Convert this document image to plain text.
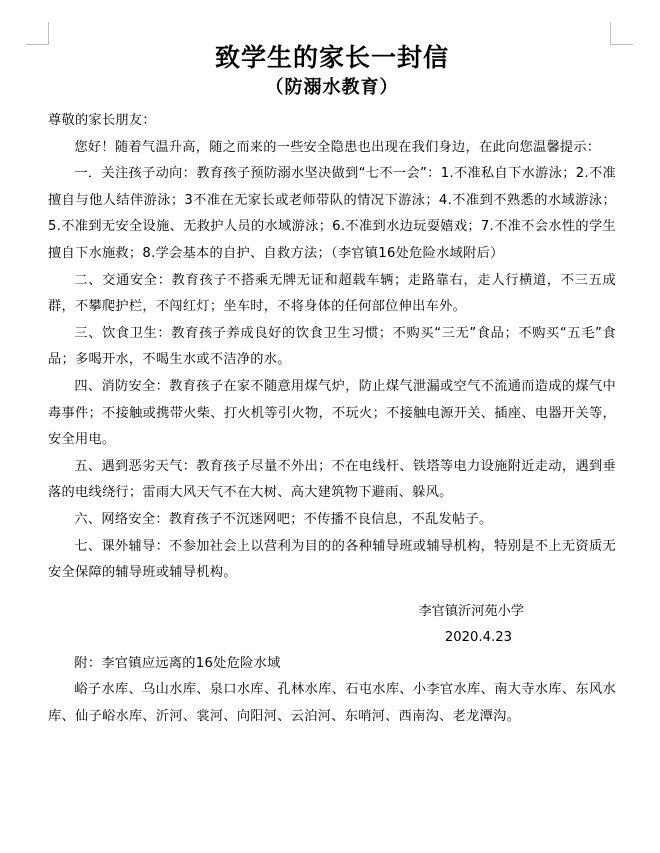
致学生的家长一封信
（防溺水教育）

尊敬的家长朋友：

您好！随着气温升高，随之而来的一些安全隐患也出现在我们身边，在此向您温馨提示：

一．关注孩子动向：教育孩子预防溺水坚决做到“七不一会”：1.不准私自下水游泳；2.不准擅自与他人结伴游泳；3不准在无家长或老师带队的情况下游泳；4.不准到不熟悉的水域游泳；5.不准到无安全设施、无救护人员的水域游泳；6.不准到水边玩耍嬉戏；7.不准不会水性的学生擅自下水施救；8.学会基本的自护、自救方法；（李官镇16处危险水域附后）

二、交通安全：教育孩子不搭乘无牌无证和超载车辆；走路靠右，走人行横道，不三五成群，不攀爬护栏，不闯红灯；坐车时，不将身体的任何部位伸出车外。

三、饮食卫生：教育孩子养成良好的饮食卫生习惯；不购买“三无”食品；不购买“五毛”食品；多喝开水，不喝生水或不洁净的水。

四、消防安全：教育孩子在家不随意用煤气炉，防止煤气泄漏或空气不流通而造成的煤气中毒事件；不接触或携带火柴、打火机等引火物，不玩火；不接触电源开关、插座、电器开关等，安全用电。

五、遇到恶劣天气：教育孩子尽量不外出；不在电线杆、铁塔等电力设施附近走动，遇到垂落的电线绕行；雷雨大风天气不在大树、高大建筑物下避雨、躲风。

六、网络安全：教育孩子不沉迷网吧；不传播不良信息，不乱发帖子。

七、课外辅导：不参加社会上以营利为目的的各种辅导班或辅导机构，特别是不上无资质无安全保障的辅导班或辅导机构。

李官镇沂河苑小学
2020.4.23

附：李官镇应远离的16处危险水域

峪子水库、乌山水库、泉口水库、孔林水库、石屯水库、小李官水库、南大寺水库、东风水库、仙子峪水库、沂河、裳河、向阳河、云泊河、东哨河、西南沟、老龙潭沟。
